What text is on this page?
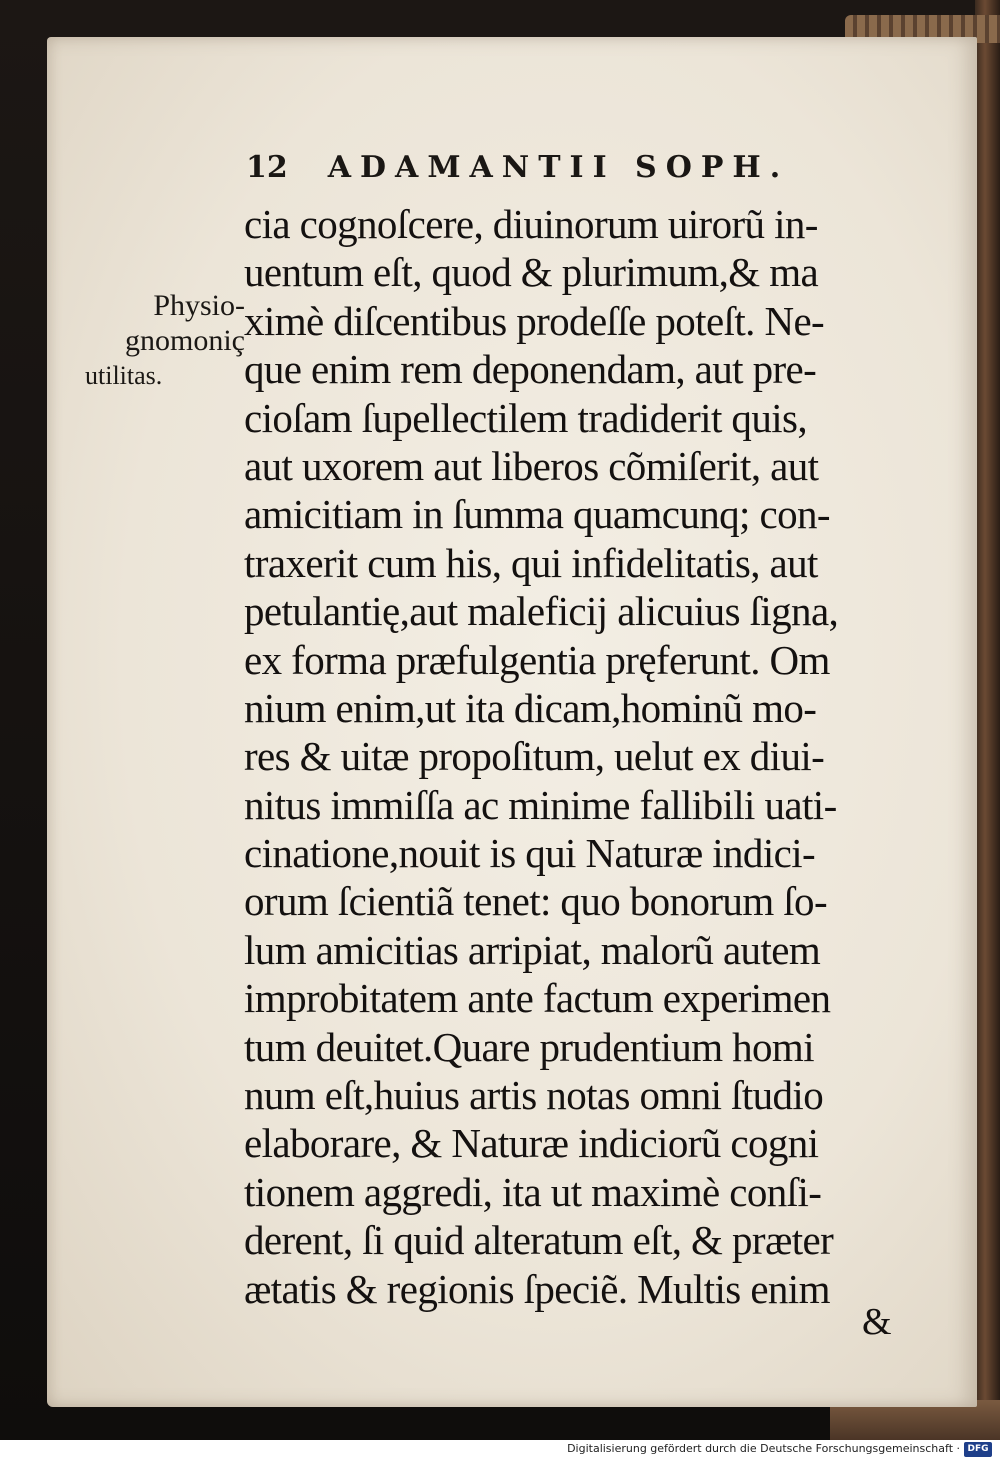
12 ADAMANTII SOPH.
Physio-
gnomoniç
utilitas.
cia cognoſcere, diuinorum uirorũ in-
uentum eſt, quod & plurimum,& ma
ximè diſcentibus prodeſſe poteſt. Ne-
que enim rem deponendam, aut pre-
cioſam ſupellectilem tradiderit quis,
aut uxorem aut liberos cõmiſerit, aut
amicitiam in ſumma quamcunq; con-
traxerit cum his, qui infidelitatis, aut
petulantię,aut maleficij alicuius ſigna,
ex forma præfulgentia pręferunt. Om
nium enim,ut ita dicam,hominũ mo-
res & uitæ propoſitum, uelut ex diui-
nitus immiſſa ac minime fallibili uati-
cinatione,nouit is qui Naturæ indici-
orum ſcientiã tenet: quo bonorum ſo-
lum amicitias arripiat, malorũ autem
improbitatem ante factum experimen
tum deuitet.Quare prudentium homi
num eſt,huius artis notas omni ſtudio
elaborare, & Naturæ indiciorũ cogni
tionem aggredi, ita ut maximè conſi-
derent, ſi quid alteratum eſt, & præter
ætatis & regionis ſpeciẽ. Multis enim
&
Digitalisierung gefördert durch die Deutsche Forschungsgemeinschaft · DFG
